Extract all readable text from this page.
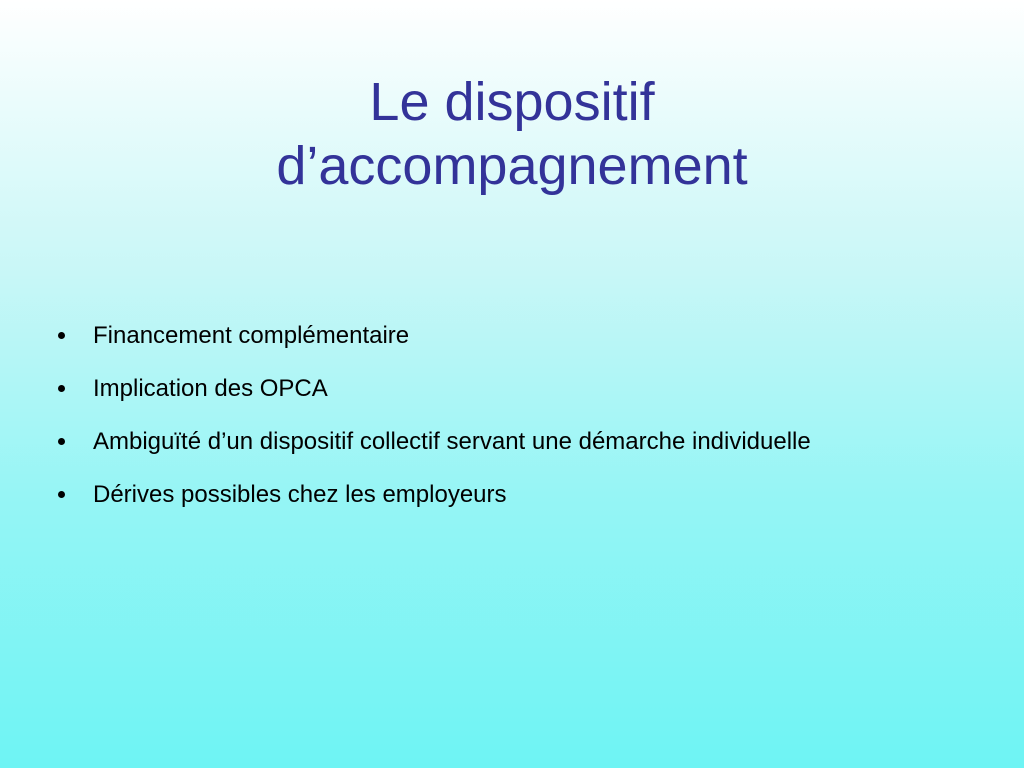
Le dispositif
d’accompagnement
Financement complémentaire
Implication des OPCA
Ambiguïté d’un dispositif collectif servant une démarche individuelle
Dérives possibles chez les employeurs
